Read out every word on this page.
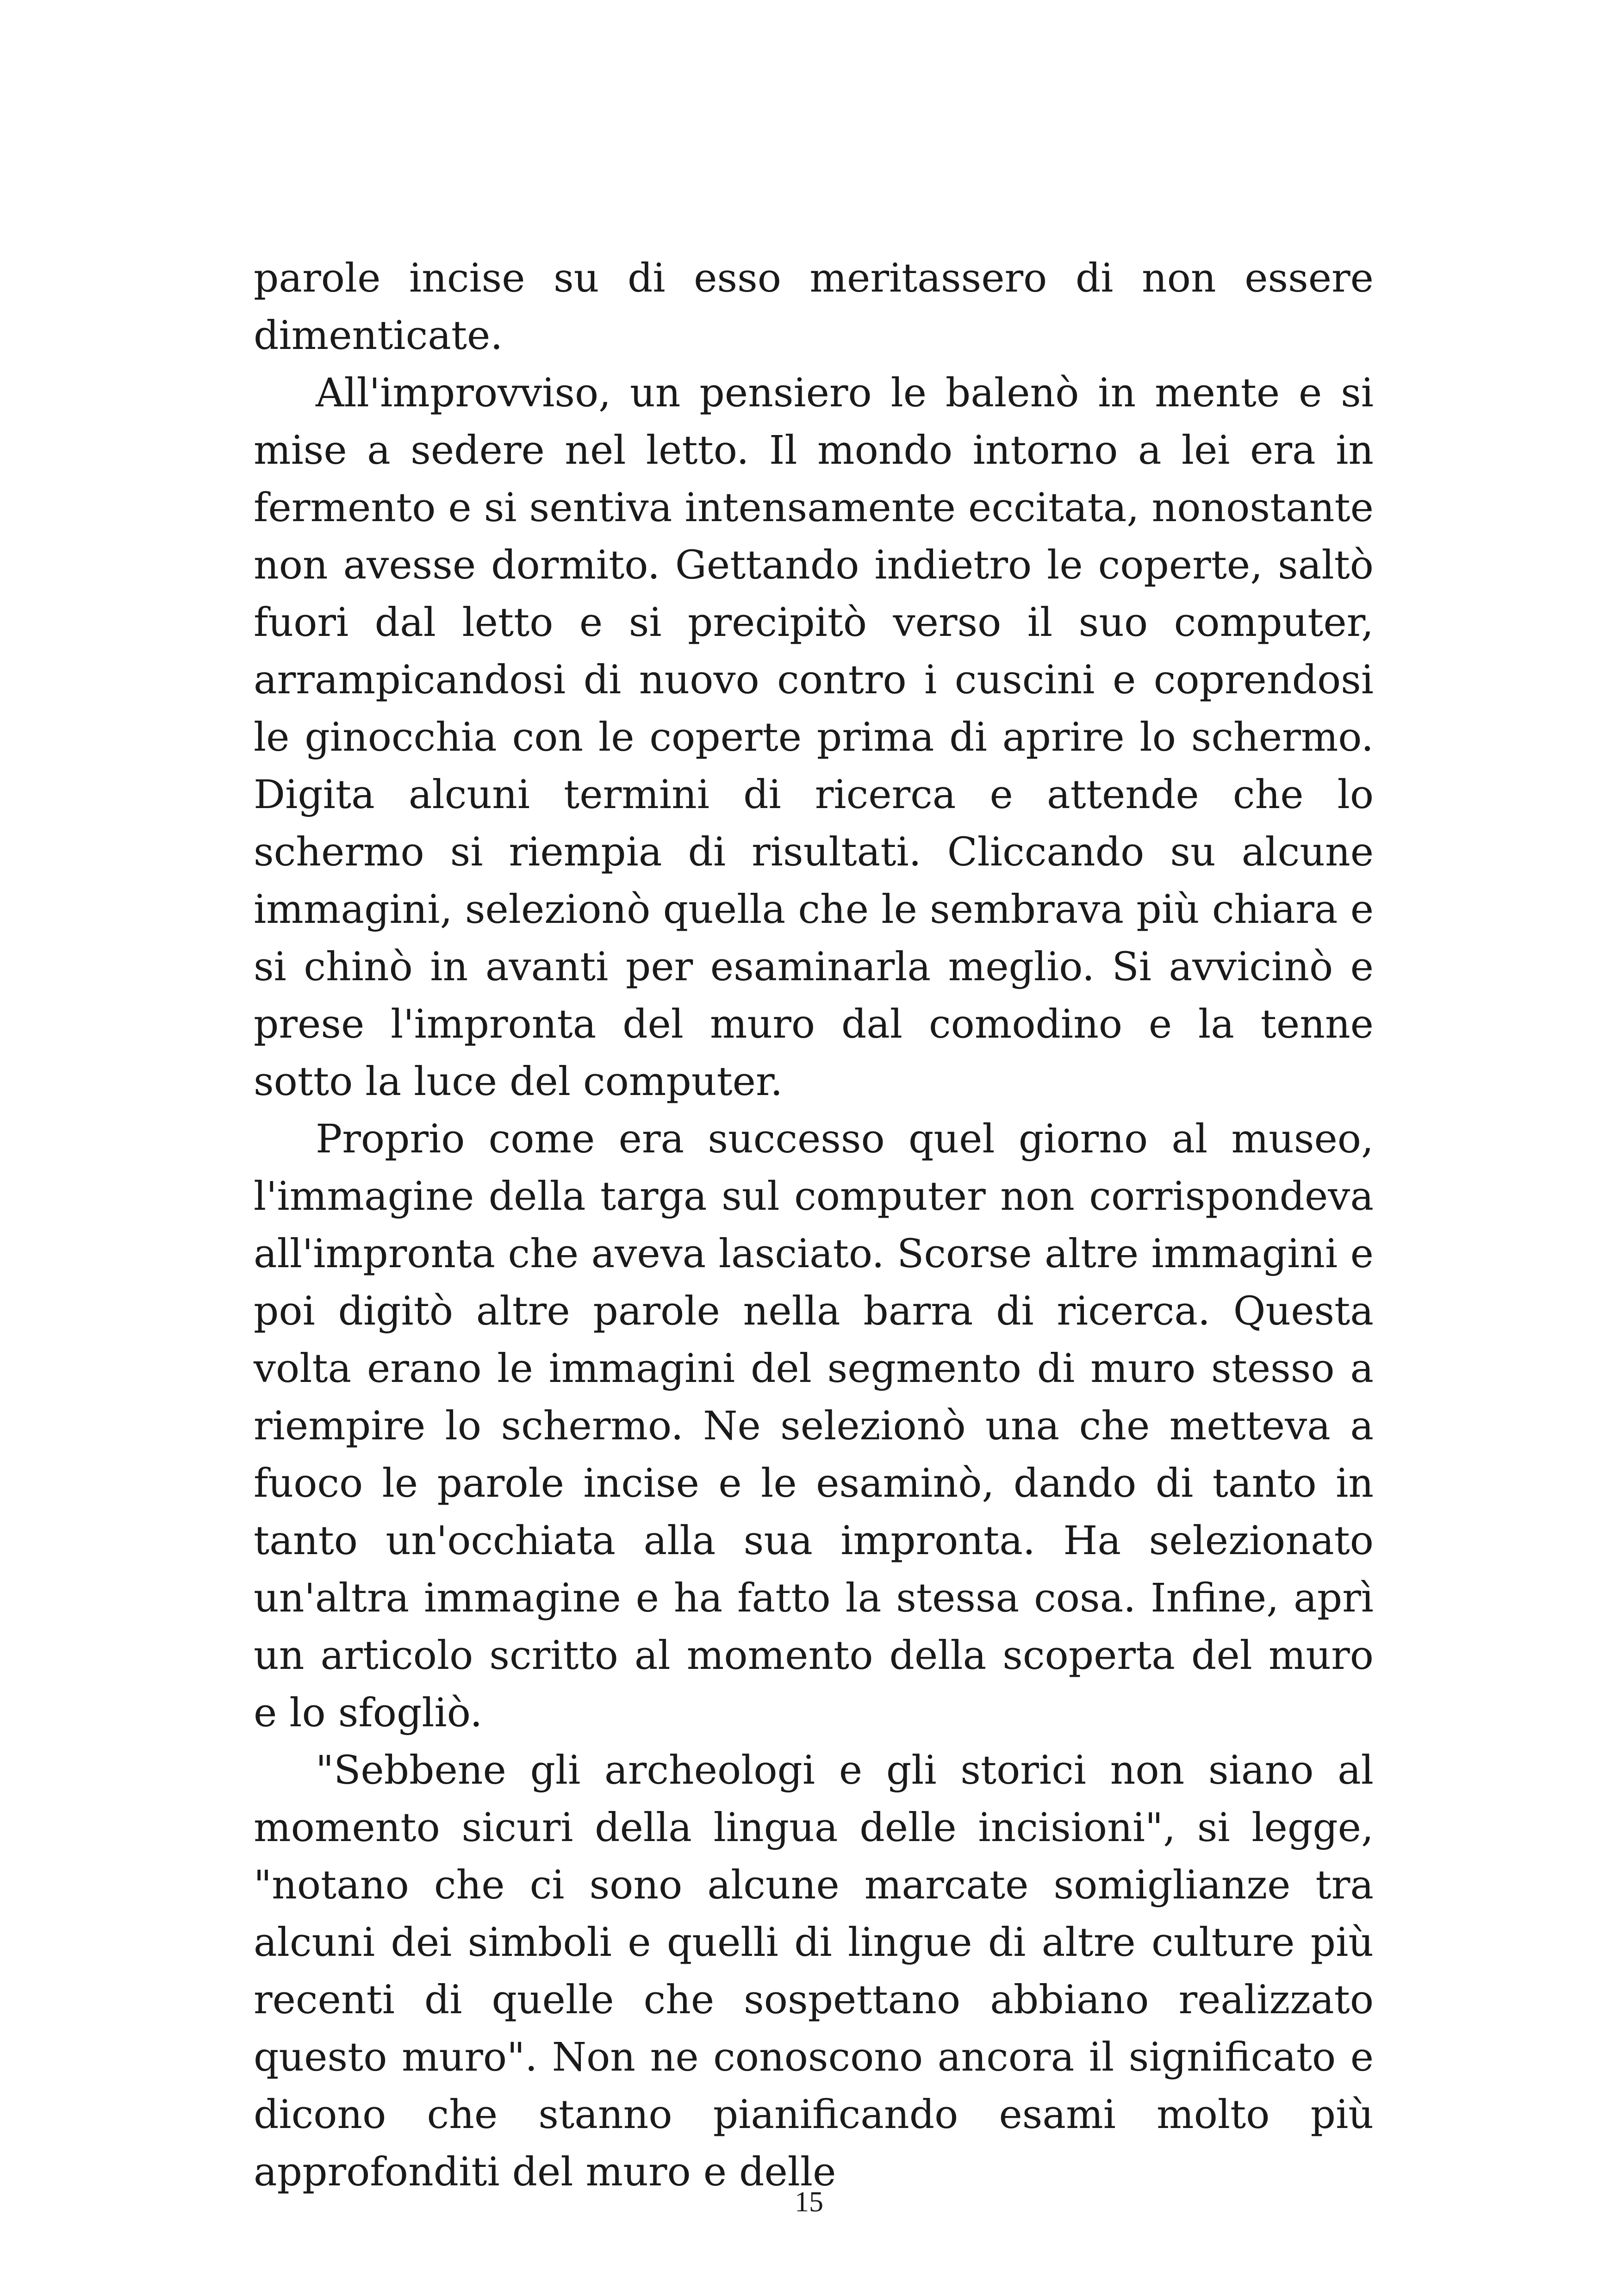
parole incise su di esso meritassero di non essere dimenticate.

All'improvviso, un pensiero le balenò in mente e si mise a sedere nel letto. Il mondo intorno a lei era in fermento e si sentiva intensamente eccitata, nonostante non avesse dormito. Gettando indietro le coperte, saltò fuori dal letto e si precipitò verso il suo computer, arrampicandosi di nuovo contro i cuscini e coprendosi le ginocchia con le coperte prima di aprire lo schermo. Digita alcuni termini di ricerca e attende che lo schermo si riempia di risultati. Cliccando su alcune immagini, selezionò quella che le sembrava più chiara e si chinò in avanti per esaminarla meglio. Si avvicinò e prese l'impronta del muro dal comodino e la tenne sotto la luce del computer.

Proprio come era successo quel giorno al museo, l'immagine della targa sul computer non corrispondeva all'impronta che aveva lasciato. Scorse altre immagini e poi digitò altre parole nella barra di ricerca. Questa volta erano le immagini del segmento di muro stesso a riempire lo schermo. Ne selezionò una che metteva a fuoco le parole incise e le esaminò, dando di tanto in tanto un'occhiata alla sua impronta. Ha selezionato un'altra immagine e ha fatto la stessa cosa. Infine, aprì un articolo scritto al momento della scoperta del muro e lo sfogliò.

"Sebbene gli archeologi e gli storici non siano al momento sicuri della lingua delle incisioni", si legge, "notano che ci sono alcune marcate somiglianze tra alcuni dei simboli e quelli di lingue di altre culture più recenti di quelle che sospettano abbiano realizzato questo muro". Non ne conoscono ancora il significato e dicono che stanno pianificando esami molto più approfonditi del muro e delle

15
